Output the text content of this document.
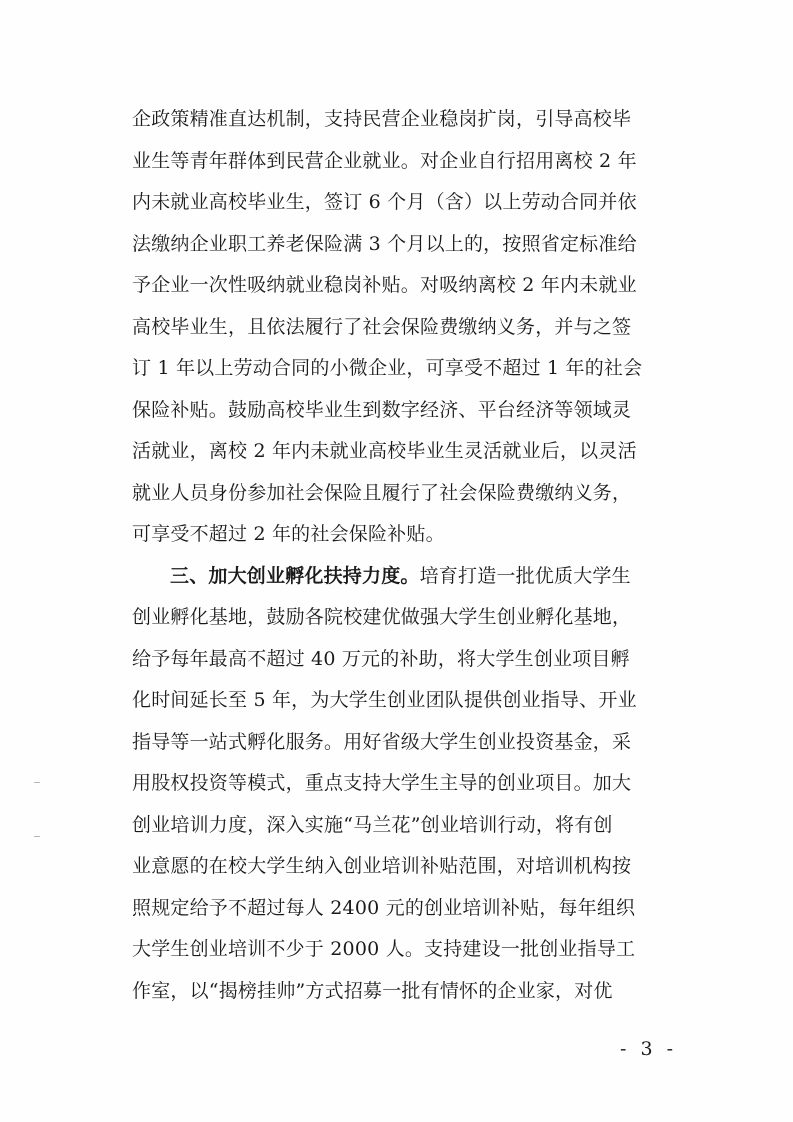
企政策精准直达机制，支持民营企业稳岗扩岗，引导高校毕
业生等青年群体到民营企业就业。对企业自行招用离校 2 年
内未就业高校毕业生，签订 6 个月（含）以上劳动合同并依
法缴纳企业职工养老保险满 3 个月以上的，按照省定标准给
予企业一次性吸纳就业稳岗补贴。对吸纳离校 2 年内未就业
高校毕业生，且依法履行了社会保险费缴纳义务，并与之签
订 1 年以上劳动合同的小微企业，可享受不超过 1 年的社会
保险补贴。鼓励高校毕业生到数字经济、平台经济等领域灵
活就业，离校 2 年内未就业高校毕业生灵活就业后，以灵活
就业人员身份参加社会保险且履行了社会保险费缴纳义务，
可享受不超过 2 年的社会保险补贴。
三、加大创业孵化扶持力度。培育打造一批优质大学生
创业孵化基地，鼓励各院校建优做强大学生创业孵化基地，
给予每年最高不超过 40 万元的补助，将大学生创业项目孵
化时间延长至 5 年，为大学生创业团队提供创业指导、开业
指导等一站式孵化服务。用好省级大学生创业投资基金，采
用股权投资等模式，重点支持大学生主导的创业项目。加大
创业培训力度，深入实施“马兰花”创业培训行动，将有创
业意愿的在校大学生纳入创业培训补贴范围，对培训机构按
照规定给予不超过每人 2400 元的创业培训补贴，每年组织
大学生创业培训不少于 2000 人。支持建设一批创业指导工
作室，以“揭榜挂帅”方式招募一批有情怀的企业家，对优
- 3 -
